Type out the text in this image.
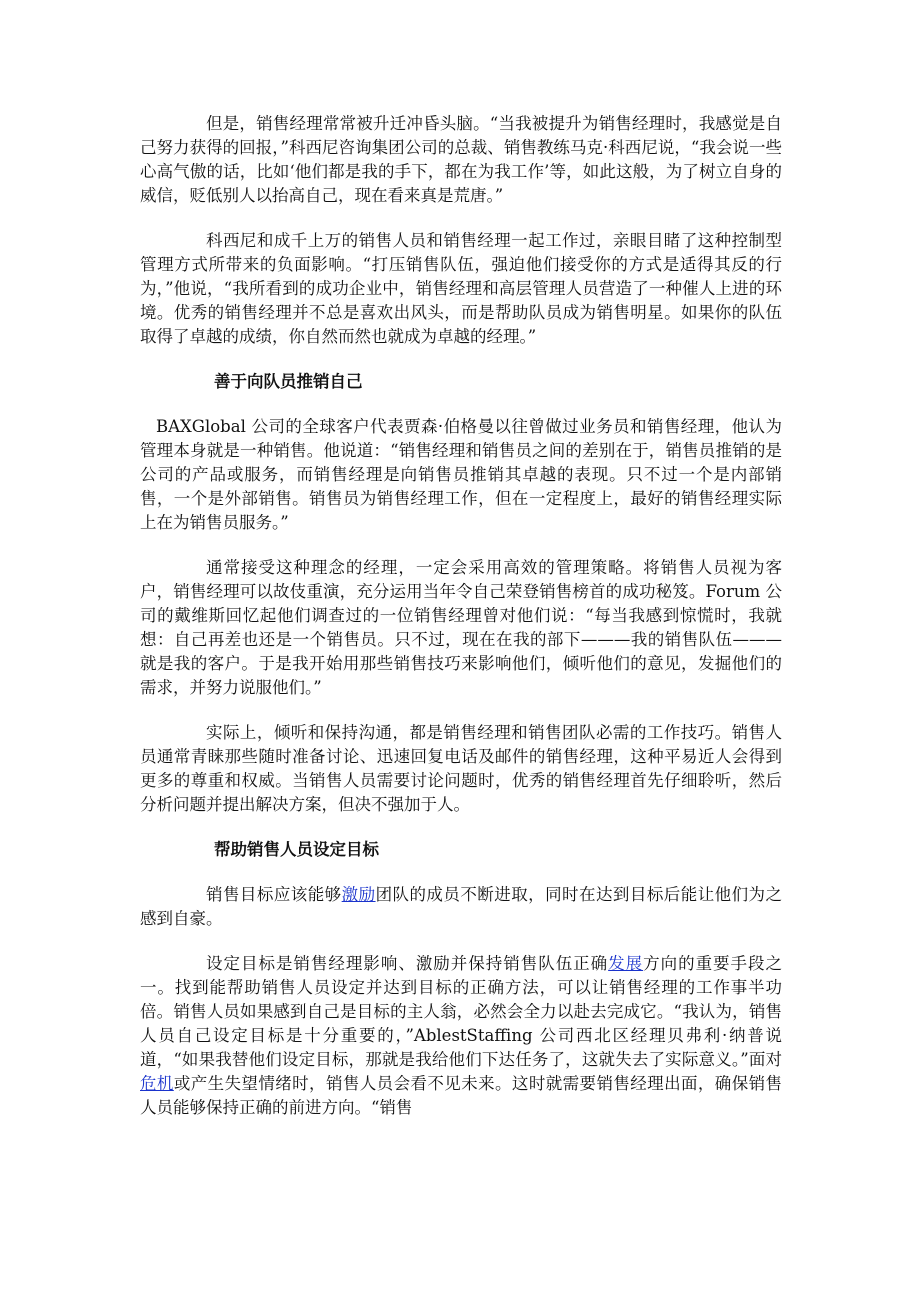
但是，销售经理常常被升迁冲昏头脑。“当我被提升为销售经理时，我感觉是自己努力获得的回报，”科西尼咨询集团公司的总裁、销售教练马克·科西尼说，“我会说一些心高气傲的话，比如‘他们都是我的手下，都在为我工作’等，如此这般，为了树立自身的威信，贬低别人以抬高自己，现在看来真是荒唐。”

科西尼和成千上万的销售人员和销售经理一起工作过，亲眼目睹了这种控制型管理方式所带来的负面影响。“打压销售队伍，强迫他们接受你的方式是适得其反的行为，”他说，“我所看到的成功企业中，销售经理和高层管理人员营造了一种催人上进的环境。优秀的销售经理并不总是喜欢出风头，而是帮助队员成为销售明星。如果你的队伍取得了卓越的成绩，你自然而然也就成为卓越的经理。”

善于向队员推销自己

BAXGlobal 公司的全球客户代表贾森·伯格曼以往曾做过业务员和销售经理，他认为管理本身就是一种销售。他说道：“销售经理和销售员之间的差别在于，销售员推销的是公司的产品或服务，而销售经理是向销售员推销其卓越的表现。只不过一个是内部销售，一个是外部销售。销售员为销售经理工作，但在一定程度上，最好的销售经理实际上在为销售员服务。”

通常接受这种理念的经理，一定会采用高效的管理策略。将销售人员视为客户，销售经理可以故伎重演，充分运用当年令自己荣登销售榜首的成功秘笈。Forum 公司的戴维斯回忆起他们调查过的一位销售经理曾对他们说：“每当我感到惊慌时，我就想：自己再差也还是一个销售员。只不过，现在在我的部下———我的销售队伍———就是我的客户。于是我开始用那些销售技巧来影响他们，倾听他们的意见，发掘他们的需求，并努力说服他们。”

实际上，倾听和保持沟通，都是销售经理和销售团队必需的工作技巧。销售人员通常青睐那些随时准备讨论、迅速回复电话及邮件的销售经理，这种平易近人会得到更多的尊重和权威。当销售人员需要讨论问题时，优秀的销售经理首先仔细聆听，然后分析问题并提出解决方案，但决不强加于人。

帮助销售人员设定目标

销售目标应该能够激励团队的成员不断进取，同时在达到目标后能让他们为之感到自豪。

设定目标是销售经理影响、激励并保持销售队伍正确发展方向的重要手段之一。找到能帮助销售人员设定并达到目标的正确方法，可以让销售经理的工作事半功倍。销售人员如果感到自己是目标的主人翁，必然会全力以赴去完成它。“我认为，销售人员自己设定目标是十分重要的，”AblestStaffing 公司西北区经理贝弗利·纳普说道，“如果我替他们设定目标，那就是我给他们下达任务了，这就失去了实际意义。”面对危机或产生失望情绪时，销售人员会看不见未来。这时就需要销售经理出面，确保销售人员能够保持正确的前进方向。“销售
